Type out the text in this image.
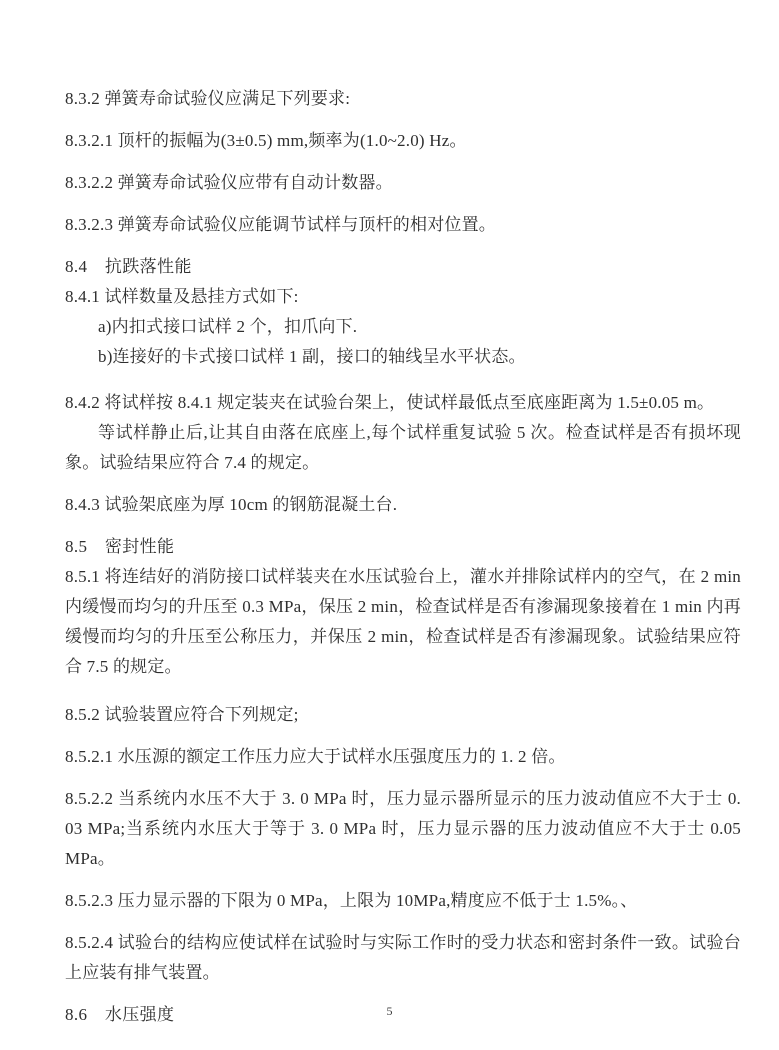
8.3.2 弹簧寿命试验仪应满足下列要求:

8.3.2.1 顶杆的振幅为(3±0.5) mm,频率为(1.0~2.0) Hz。

8.3.2.2 弹簧寿命试验仪应带有自动计数器。

8.3.2.3 弹簧寿命试验仪应能调节试样与顶杆的相对位置。

8.4　抗跌落性能

8.4.1 试样数量及悬挂方式如下:

a)内扣式接口试样 2 个，扣爪向下.

b)连接好的卡式接口试样 1 副，接口的轴线呈水平状态。

8.4.2 将试样按 8.4.1 规定装夹在试验台架上，使试样最低点至底座距离为 1.5±0.05 m。

等试样静止后,让其自由落在底座上,每个试样重复试验 5 次。检查试样是否有损坏现象。试验结果应符合 7.4 的规定。

8.4.3 试验架底座为厚 10cm 的钢筋混凝土台.

8.5　密封性能

8.5.1 将连结好的消防接口试样装夹在水压试验台上，灌水并排除试样内的空气，在 2 min 内缓慢而均匀的升压至 0.3 MPa，保压 2 min，检查试样是否有渗漏现象接着在 1 min 内再缓慢而均匀的升压至公称压力，并保压 2 min，检查试样是否有渗漏现象。试验结果应符合 7.5 的规定。

8.5.2 试验装置应符合下列规定;

8.5.2.1 水压源的额定工作压力应大于试样水压强度压力的 1. 2 倍。

8.5.2.2 当系统内水压不大于 3. 0 MPa 时，压力显示器所显示的压力波动值应不大于士 0. 03 MPa;当系统内水压大于等于 3. 0 MPa 时，压力显示器的压力波动值应不大于士 0.05 MPa。

8.5.2.3 压力显示器的下限为 0 MPa，上限为 10MPa,精度应不低于士 1.5%。、

8.5.2.4 试验台的结构应使试样在试验时与实际工作时的受力状态和密封条件一致。试验台上应装有排气装置。

8.6　水压强度	5
